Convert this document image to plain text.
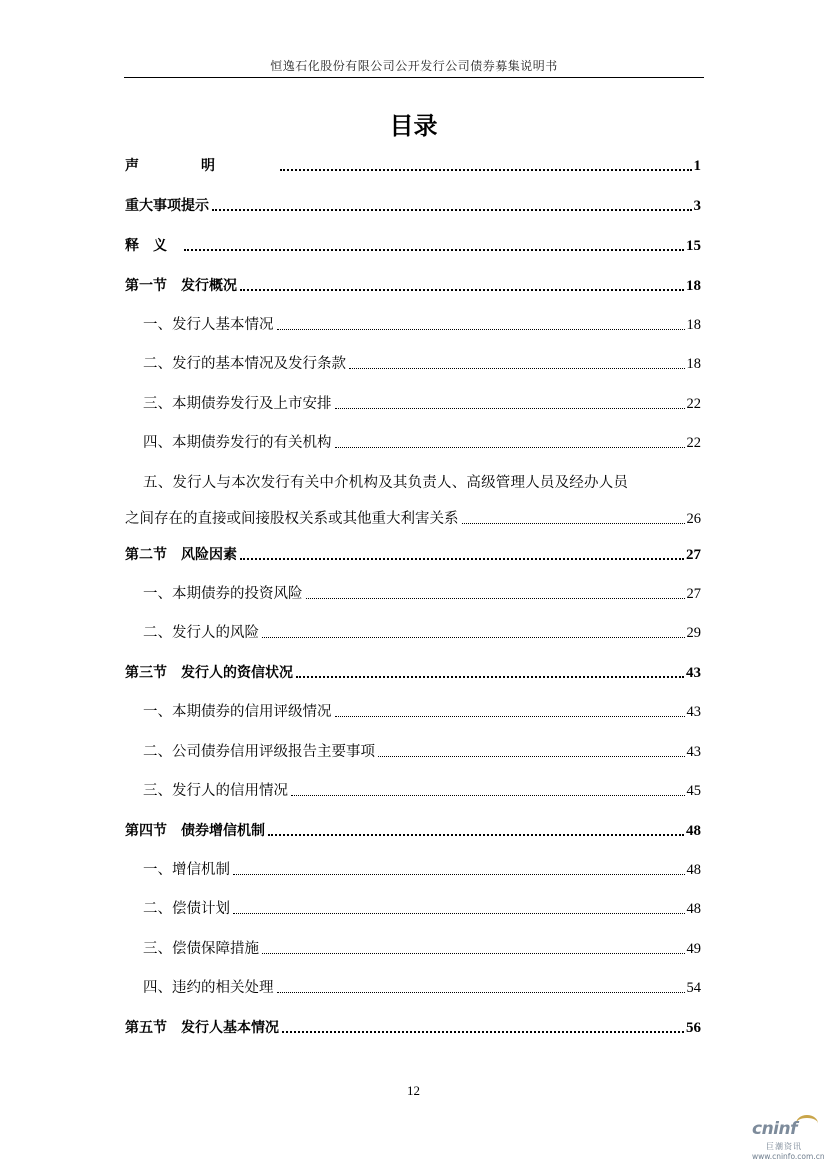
恒逸石化股份有限公司公开发行公司债券募集说明书
目录
声明	1
重大事项提示	3
释义	15
第一节　发行概况	18
一、发行人基本情况	18
二、发行的基本情况及发行条款	18
三、本期债券发行及上市安排	22
四、本期债券发行的有关机构	22
五、发行人与本次发行有关中介机构及其负责人、高级管理人员及经办人员
之间存在的直接或间接股权关系或其他重大利害关系	26
第二节　风险因素	27
一、本期债券的投资风险	27
二、发行人的风险	29
第三节　发行人的资信状况	43
一、本期债券的信用评级情况	43
二、公司债券信用评级报告主要事项	43
三、发行人的信用情况	45
第四节　债券增信机制	48
一、增信机制	48
二、偿债计划	48
三、偿债保障措施	49
四、违约的相关处理	54
第五节　发行人基本情况	56
12
cninf
巨潮资讯
www.cninfo.com.cn
